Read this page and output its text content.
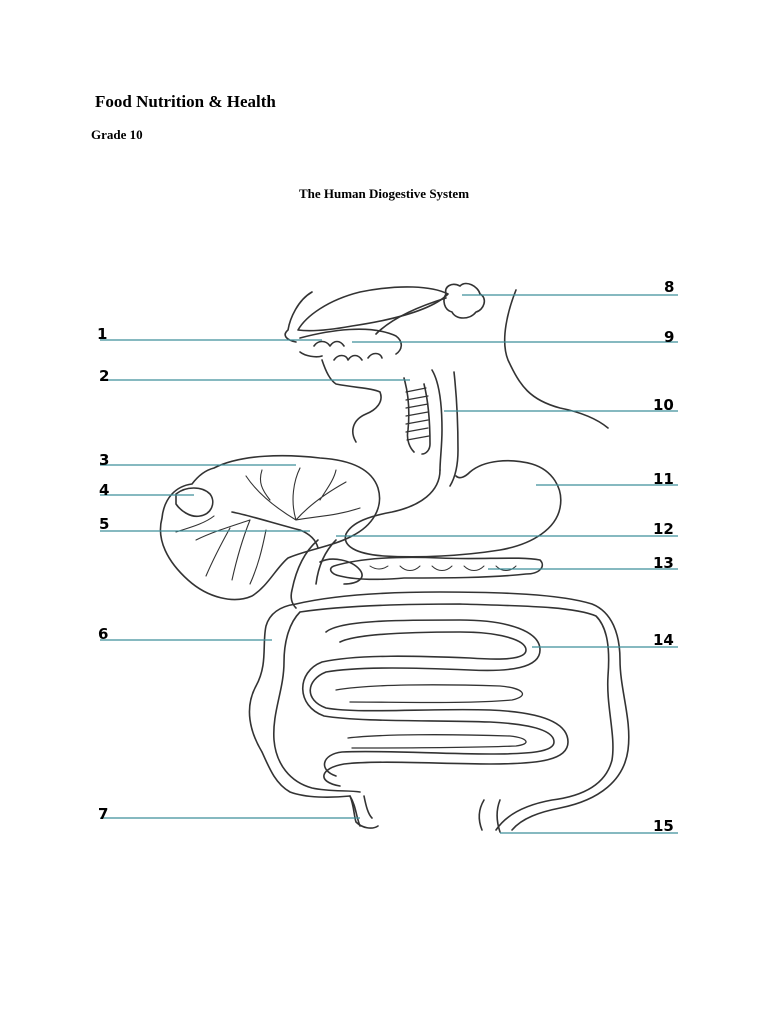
Food Nutrition & Health
Grade 10
The Human Diogestive System
1
2
3
4
5
6
7
8
9
10
11
12
13
14
15
